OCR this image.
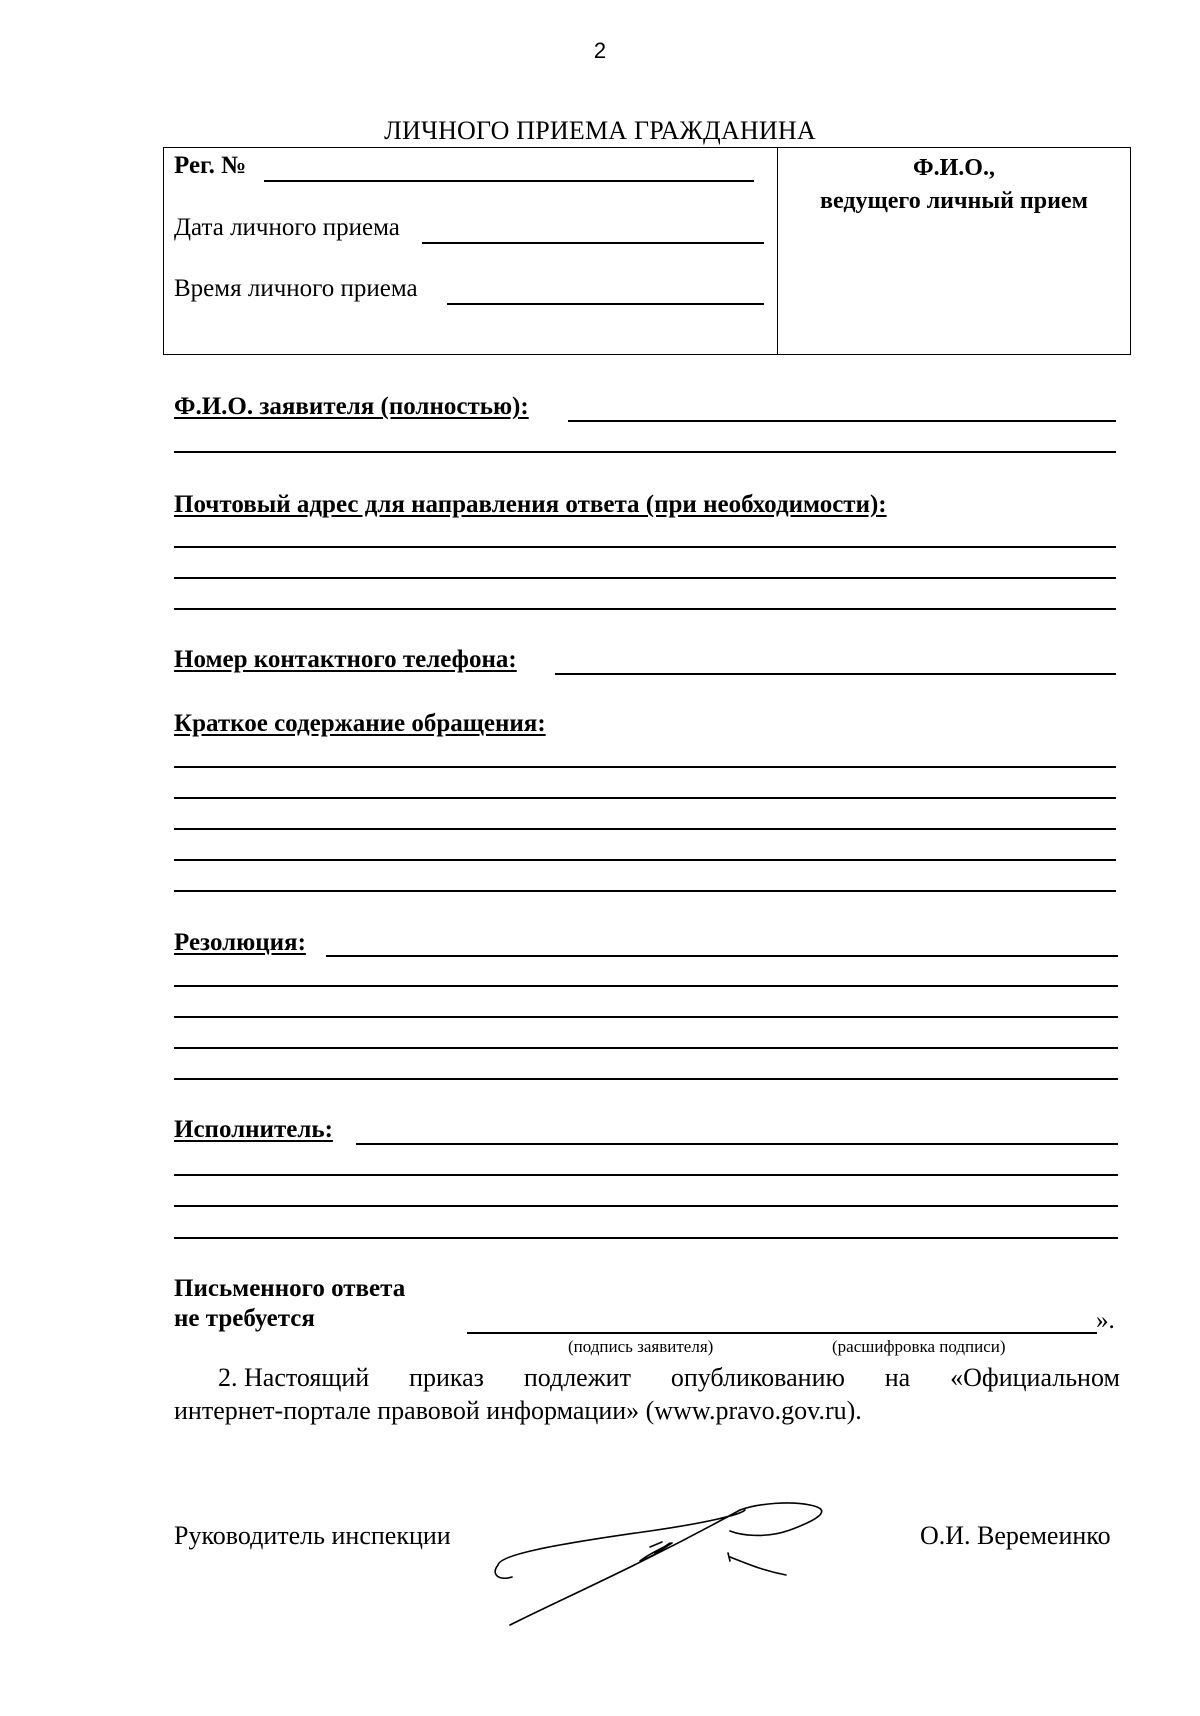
2
ЛИЧНОГО ПРИЕМА ГРАЖДАНИНА
Рег. №
Дата личного приема
Время личного приема
Ф.И.О.,
ведущего личный прием
Ф.И.О. заявителя (полностью):
Почтовый адрес для направления ответа (при необходимости):
Номер контактного телефона:
Краткое содержание обращения:
Резолюция:
Исполнитель:
Письменного ответа
не требуется	».
(подпись заявителя)	(расшифровка подписи)
2. Настоящий приказ подлежит опубликованию на «Официальном
интернет-портале правовой информации» (www.pravo.gov.ru).
Руководитель инспекции	О.И. Веремеинко
